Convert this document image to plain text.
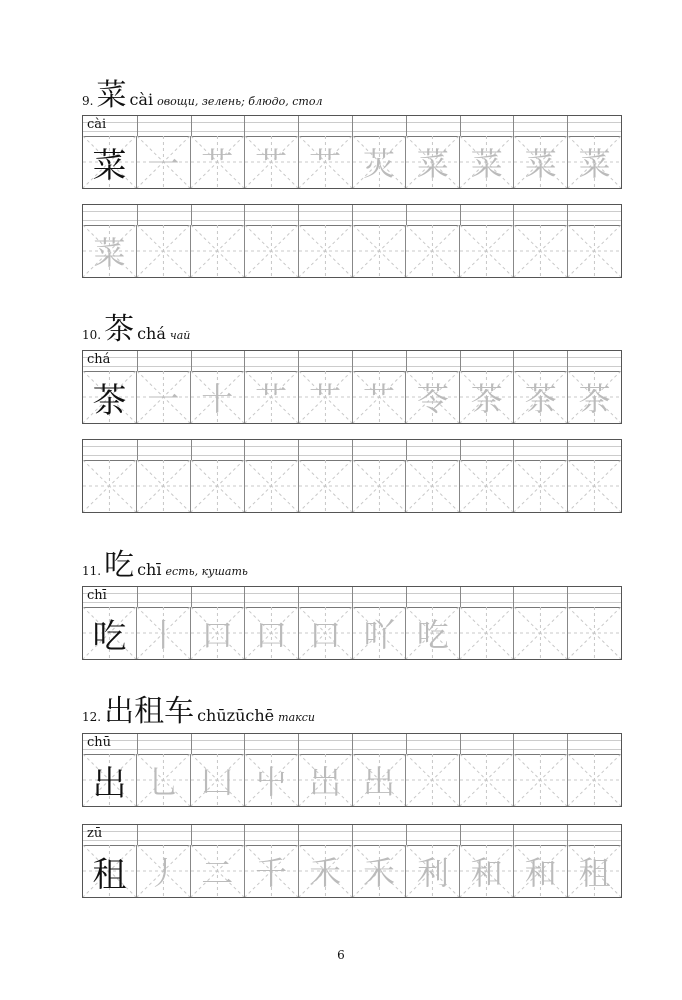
9. 菜 cài овощи, зелень; блюдо, стол
cài
菜 一 艹 艹 艹 苂 菜 菜 菜 菜
菜
10. 茶 chá чай
chá
茶 一 十 艹 艹 艹 苓 茶 茶 茶
11. 吃 chī есть, кушать
chī
吃 丨 口 口 口 吖 吃
12. 出租车 chūzūchē такси
chū
出 乚 凵 屮 岀 出
zū
租 丿 二 千 禾 禾 利 和 和 租
6
